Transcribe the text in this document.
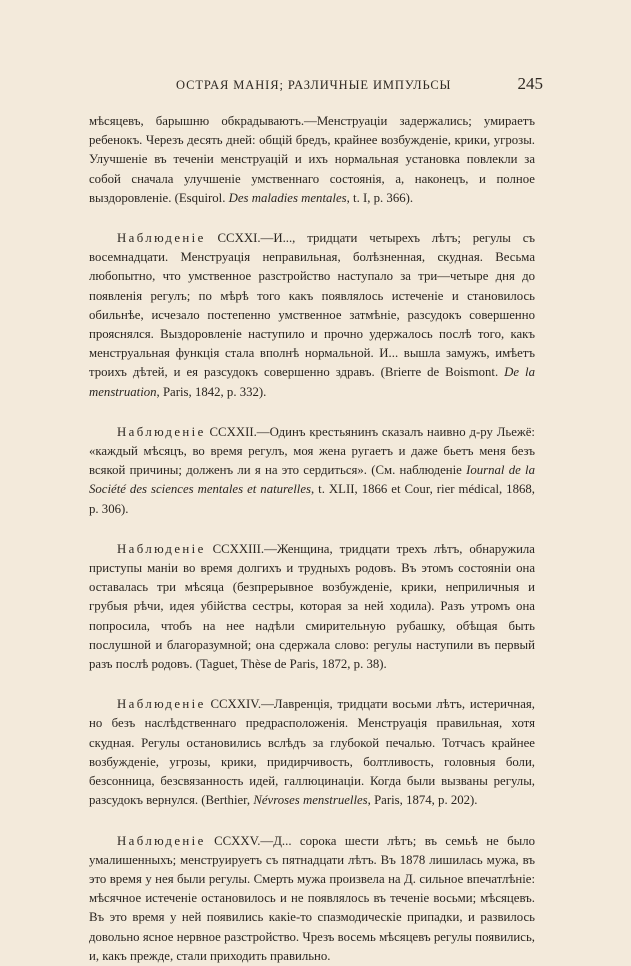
ОСТРАЯ МАНІЯ; РАЗЛИЧНЫЕ ИМПУЛЬСЫ	245

мѣсяцевъ, барышню обкрадываютъ.—Менструаціи задержались; умираетъ ребенокъ. Черезъ десять дней: общій бредъ, крайнее возбужденіе, крики, угрозы. Улучшеніе въ теченіи менструацій и ихъ нормальная установка повлекли за собой сначала улучшеніе умственнаго состоянія, а, наконецъ, и полное выздоровленіе. (Esquirol. Des maladies mentales, t. I, p. 366).

Наблюденіе CCXXI.—И..., тридцати четырехъ лѣтъ; регулы съ восемнадцати. Менструація неправильная, болѣзненная, скудная. Весьма любопытно, что умственное разстройство наступало за три—четыре дня до появленія регулъ; по мѣрѣ того какъ появлялось истеченіе и становилось обильнѣе, исчезало постепенно умственное затмѣніе, разсудокъ совершенно прояснялся. Выздоровленіе наступило и прочно удержалось послѣ того, какъ менструальная функція стала вполнѣ нормальной. И... вышла замужъ, имѣетъ троихъ дѣтей, и ея разсудокъ совершенно здравъ. (Brierre de Boismont. De la menstruation, Paris, 1842, p. 332).

Наблюденіе CCXXII.—Одинъ крестьянинъ сказалъ наивно д-ру Льежё: «каждый мѣсяцъ, во время регулъ, моя жена ругаетъ и даже бьетъ меня безъ всякой причины; долженъ ли я на это сердиться». (См. наблюденіе Iournal de la Société des sciences mentales et naturelles, t. XLII, 1866 et Cour, rier médical, 1868, p. 306).

Наблюденіе CCXXIII.—Женщина, тридцати трехъ лѣтъ, обнаружила приступы маніи во время долгихъ и трудныхъ родовъ. Въ этомъ состояніи она оставалась три мѣсяца (безпрерывное возбужденіе, крики, неприличныя и грубыя рѣчи, идея убійства сестры, которая за ней ходила). Разъ утромъ она попросила, чтобъ на нее надѣли смирительную рубашку, обѣщая быть послушной и благоразумной; она сдержала слово: регулы наступили въ первый разъ послѣ родовъ. (Taguet, Thèse de Paris, 1872, p. 38).

Наблюденіе CCXXIV.—Лавренція, тридцати восьми лѣтъ, истеричная, но безъ наслѣдственнаго предрасположенія. Менструація правильная, хотя скудная. Регулы остановились вслѣдъ за глубокой печалью. Тотчасъ крайнее возбужденіе, угрозы, крики, придирчивость, болтливость, головныя боли, безсонница, безсвязанность идей, галлюцинаціи. Когда были вызваны регулы, разсудокъ вернулся. (Berthier, Névroses menstruelles, Paris, 1874, p. 202).

Наблюденіе CCXXV.—Д... сорока шести лѣтъ; въ семьѣ не было умалишенныхъ; менструируетъ съ пятнадцати лѣтъ. Въ 1878 лишилась мужа, въ это время у нея были регулы. Смерть мужа произвела на Д. сильное впечатлѣніе: мѣсячное истеченіе остановилось и не появлялось въ теченіе восьми; мѣсяцевъ. Въ это время у ней появились какіе-то спазмодическіе припадки, и развилось довольно ясное нервное разстройство. Чрезъ восемь мѣсяцевъ регулы появились, и, какъ прежде, стали приходить правильно.
